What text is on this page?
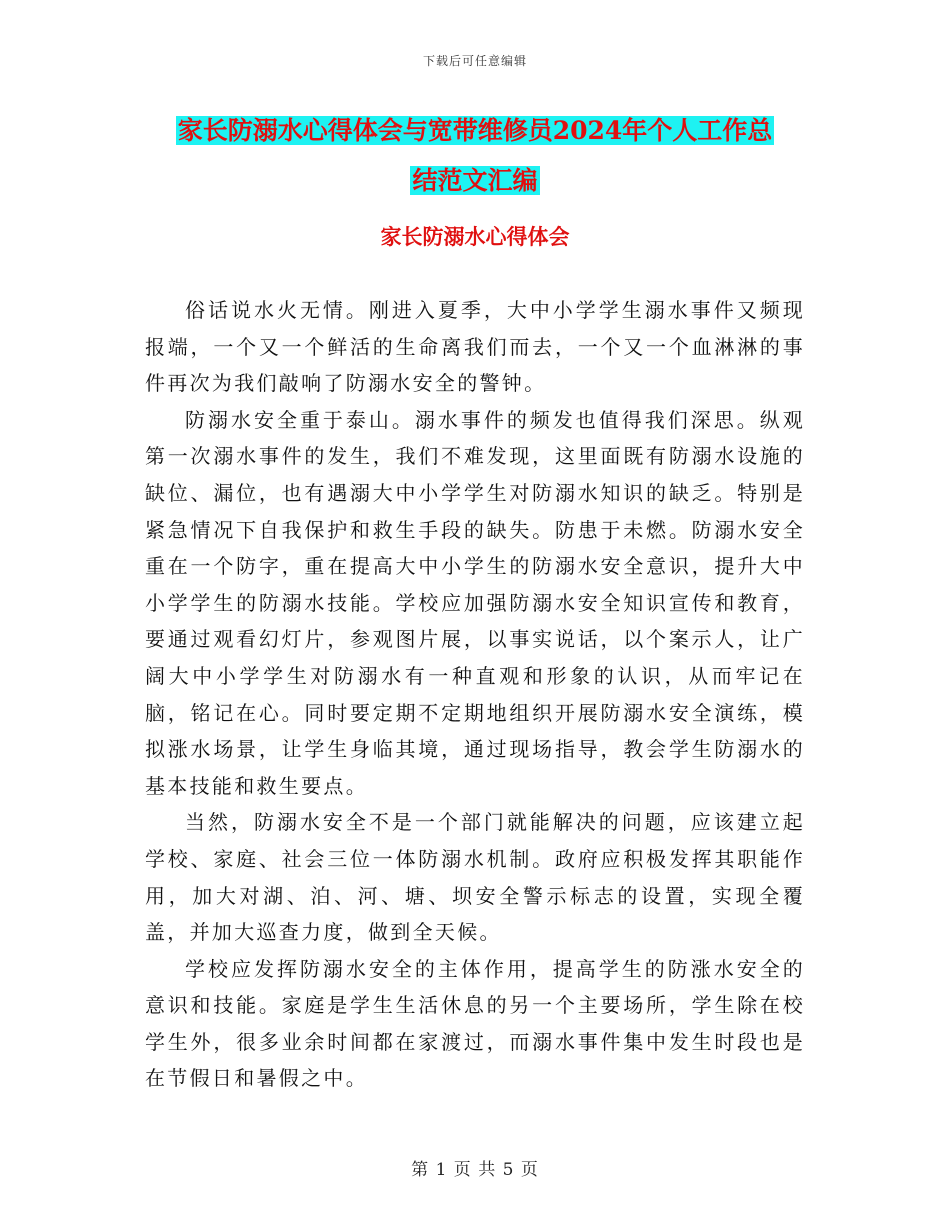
下载后可任意编辑
家长防溺水心得体会与宽带维修员2024年个人工作总
结范文汇编
家长防溺水心得体会

俗话说水火无情。刚进入夏季，大中小学学生溺水事件又频现报端，一个又一个鲜活的生命离我们而去，一个又一个血淋淋的事件再次为我们敲响了防溺水安全的警钟。

防溺水安全重于泰山。溺水事件的频发也值得我们深思。纵观第一次溺水事件的发生，我们不难发现，这里面既有防溺水设施的缺位、漏位，也有遇溺大中小学学生对防溺水知识的缺乏。特别是紧急情况下自我保护和救生手段的缺失。防患于未燃。防溺水安全重在一个防字，重在提高大中小学生的防溺水安全意识，提升大中小学学生的防溺水技能。学校应加强防溺水安全知识宣传和教育，要通过观看幻灯片，参观图片展，以事实说话，以个案示人，让广阔大中小学学生对防溺水有一种直观和形象的认识，从而牢记在脑，铭记在心。同时要定期不定期地组织开展防溺水安全演练，模拟涨水场景，让学生身临其境，通过现场指导，教会学生防溺水的基本技能和救生要点。

当然，防溺水安全不是一个部门就能解决的问题，应该建立起学校、家庭、社会三位一体防溺水机制。政府应积极发挥其职能作用，加大对湖、泊、河、塘、坝安全警示标志的设置，实现全覆盖，并加大巡查力度，做到全天候。

学校应发挥防溺水安全的主体作用，提高学生的防涨水安全的意识和技能。家庭是学生生活休息的另一个主要场所，学生除在校学生外，很多业余时间都在家渡过，而溺水事件集中发生时段也是在节假日和暑假之中。

第 1 页 共 5 页
